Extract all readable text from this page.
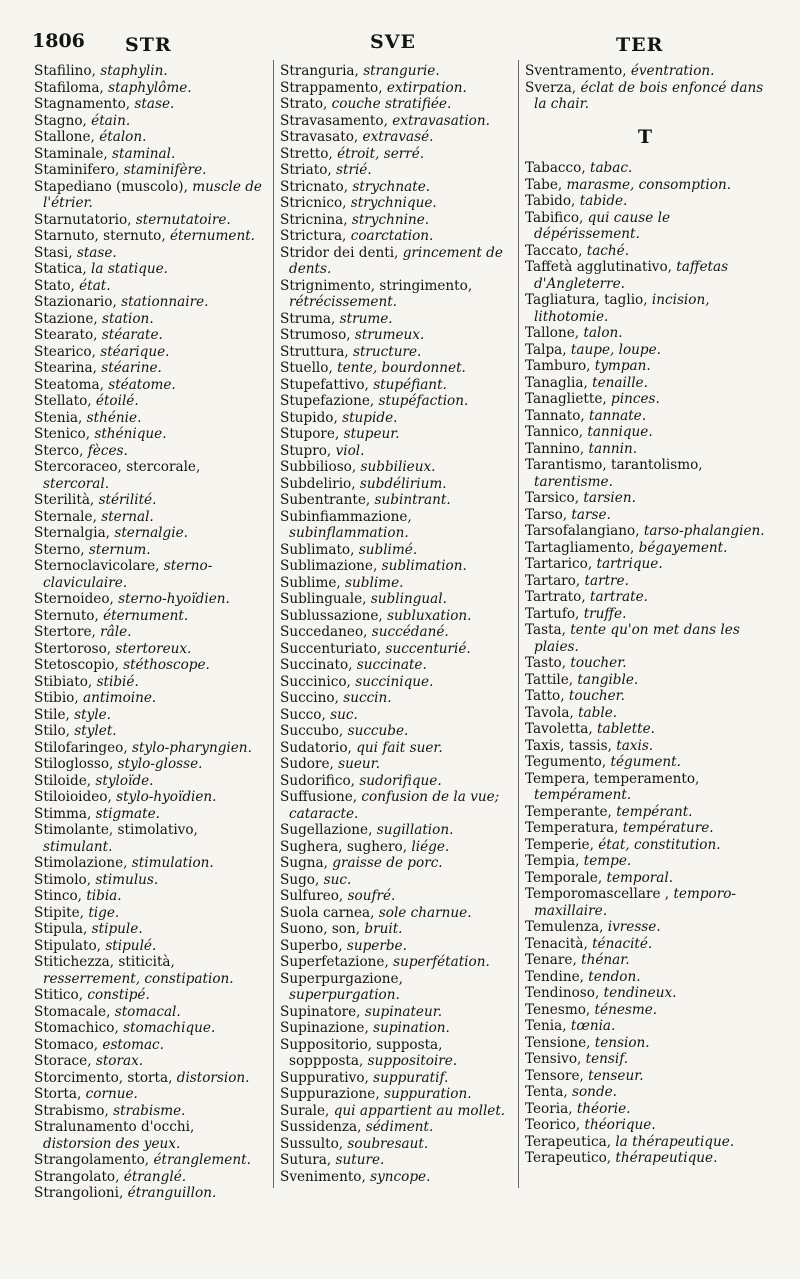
1806 STR	SVE	TER

Stafilino, staphylin.

Stafiloma, staphylôme.

Stagnamento, stase.

Stagno, étain.

Stallone, étalon.

Staminale, staminal.

Staminifero, staminifère.

Stapediano (muscolo), muscle de l'étrier.

Starnutatorio, sternutatoire.

Starnuto, sternuto, éternument.

Stasi, stase.

Statica, la statique.

Stato, état.

Stazionario, stationnaire.

Stazione, station.

Stearato, stéarate.

Stearico, stéarique.

Stearina, stéarine.

Steatoma, stéatome.

Stellato, étoilé.

Stenia, sthénie.

Stenico, sthénique.

Sterco, fèces.

Stercoraceo, stercorale, stercoral.

Sterilità, stérilité.

Sternale, sternal.

Sternalgia, sternalgie.

Sterno, sternum.

Sternoclavicolare, sterno-claviculaire.

Sternoideo, sterno-hyoïdien.

Sternuto, éternument.

Stertore, râle.

Stertoroso, stertoreux.

Stetoscopio, stéthoscope.

Stibiato, stibié.

Stibio, antimoine.

Stile, style.

Stilo, stylet.

Stilofaringeo, stylo-pharyngien.

Stiloglosso, stylo-glosse.

Stiloide, styloïde.

Stiloioideo, stylo-hyoïdien.

Stimma, stigmate.

Stimolante, stimolativo, stimulant.

Stimolazione, stimulation.

Stimolo, stimulus.

Stinco, tibia.

Stipite, tige.

Stipula, stipule.

Stipulato, stipulé.

Stitichezza, stiticità, resserrement, constipation.

Stitico, constipé.

Stomacale, stomacal.

Stomachico, stomachique.

Stomaco, estomac.

Storace, storax.

Storcimento, storta, distorsion.

Storta, cornue.

Strabismo, strabisme.

Stralunamento d'occhi, distorsion des yeux.

Strangolamento, étranglement.

Strangolato, étranglé.

Strangolioni, étranguillon.

Stranguria, strangurie.

Strappamento, extirpation.

Strato, couche stratifiée.

Stravasamento, extravasation.

Stravasato, extravasé.

Stretto, étroit, serré.

Striato, strié.

Stricnato, strychnate.

Stricnico, strychnique.

Stricnina, strychnine.

Strictura, coarctation.

Stridor dei denti, grincement de dents.

Strignimento, stringimento, rétrécissement.

Struma, strume.

Strumoso, strumeux.

Struttura, structure.

Stuello, tente, bourdonnet.

Stupefattivo, stupéfiant.

Stupefazione, stupéfaction.

Stupido, stupide.

Stupore, stupeur.

Stupro, viol.

Subbilioso, subbilieux.

Subdelirio, subdélirium.

Subentrante, subintrant.

Subinfiammazione, subinflammation.

Sublimato, sublimé.

Sublimazione, sublimation.

Sublime, sublime.

Sublinguale, sublingual.

Sublussazione, subluxation.

Succedaneo, succédané.

Succenturiato, succenturié.

Succinato, succinate.

Succinico, succinique.

Succino, succin.

Succo, suc.

Succubo, succube.

Sudatorio, qui fait suer.

Sudore, sueur.

Sudorifico, sudorifique.

Suffusione, confusion de la vue; cataracte.

Sugellazione, sugillation.

Sughera, sughero, liége.

Sugna, graisse de porc.

Sugo, suc.

Sulfureo, soufré.

Suola carnea, sole charnue.

Suono, son, bruit.

Superbo, superbe.

Superfetazione, superfétation.

Superpurgazione, superpurgation.

Supinatore, supinateur.

Supinazione, supination.

Suppositorio, supposta, soppposta, suppositoire.

Suppurativo, suppuratif.

Suppurazione, suppuration.

Surale, qui appartient au mollet.

Sussidenza, sédiment.

Sussulto, soubresaut.

Sutura, suture.

Svenimento, syncope.

Sventramento, éventration.

Sverza, éclat de bois enfoncé dans la chair.

T

Tabacco, tabac.

Tabe, marasme, consomption.

Tabido, tabide.

Tabifico, qui cause le dépérissement.

Taccato, taché.

Taffetà agglutinativo, taffetas d'Angleterre.

Tagliatura, taglio, incision, lithotomie.

Tallone, talon.

Talpa, taupe, loupe.

Tamburo, tympan.

Tanaglia, tenaille.

Tanagliette, pinces.

Tannato, tannate.

Tannico, tannique.

Tannino, tannin.

Tarantismo, tarantolismo, tarentisme.

Tarsico, tarsien.

Tarso, tarse.

Tarsofalangiano, tarso-phalangien.

Tartagliamento, bégayement.

Tartarico, tartrique.

Tartaro, tartre.

Tartrato, tartrate.

Tartufo, truffe.

Tasta, tente qu'on met dans les plaies.

Tasto, toucher.

Tattile, tangible.

Tatto, toucher.

Tavola, table.

Tavoletta, tablette.

Taxis, tassis, taxis.

Tegumento, tégument.

Tempera, temperamento, tempérament.

Temperante, tempérant.

Temperatura, température.

Temperie, état, constitution.

Tempia, tempe.

Temporale, temporal.

Temporomascellare , temporo-maxillaire.

Temulenza, ivresse.

Tenacità, ténacité.

Tenare, thénar.

Tendine, tendon.

Tendinoso, tendineux.

Tenesmo, ténesme.

Tenia, tœnia.

Tensione, tension.

Tensivo, tensif.

Tensore, tenseur.

Tenta, sonde.

Teoria, théorie.

Teorico, théorique.

Terapeutica, la thérapeutique.

Terapeutico, thérapeutique.
